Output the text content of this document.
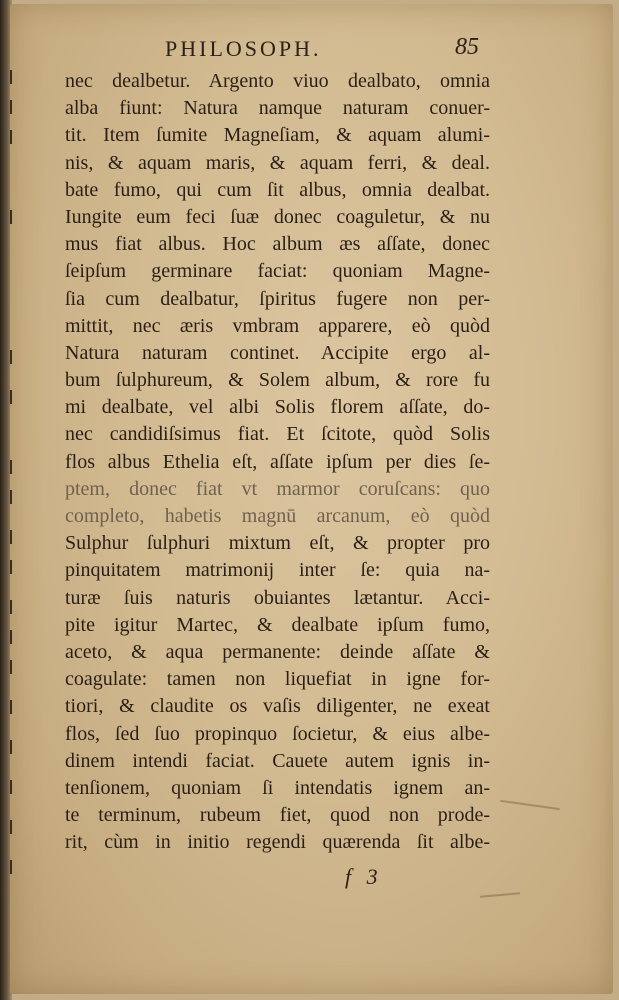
PHILOSOPH.	85
nec dealbetur. Argento viuo dealbato, omnia
alba fiunt: Natura namque naturam conuer-
tit. Item ſumite Magneſiam, & aquam alumi-
nis, & aquam maris, & aquam ferri, & deal.
bate fumo, qui cum ſit albus, omnia dealbat.
Iungite eum feci ſuæ donec coaguletur, & nu
mus fiat albus. Hoc album æs aſſate, donec
ſeipſum germinare faciat: quoniam Magne-
ſia cum dealbatur, ſpiritus fugere non per-
mittit, nec æris vmbram apparere, eò quòd
Natura naturam continet. Accipite ergo al-
bum ſulphureum, & Solem album, & rore fu
mi dealbate, vel albi Solis florem aſſate, do-
nec candidiſsimus fiat. Et ſcitote, quòd Solis
flos albus Ethelia eſt, aſſate ipſum per dies ſe-
ptem, donec fiat vt marmor coruſcans: quo
completo, habetis magnū arcanum, eò quòd
Sulphur ſulphuri mixtum eſt, & propter pro
pinquitatem matrimonij inter ſe: quia na-
turæ ſuis naturis obuiantes lætantur. Acci-
pite igitur Martec, & dealbate ipſum fumo,
aceto, & aqua permanente: deinde aſſate &
coagulate: tamen non liquefiat in igne for-
tiori, & claudite os vaſis diligenter, ne exeat
flos, ſed ſuo propinquo ſocietur, & eius albe-
dinem intendi faciat. Cauete autem ignis in-
tenſionem, quoniam ſi intendatis ignem an-
te terminum, rubeum fiet, quod non prode-
rit, cùm in initio regendi quærenda ſit albe-
f 3
